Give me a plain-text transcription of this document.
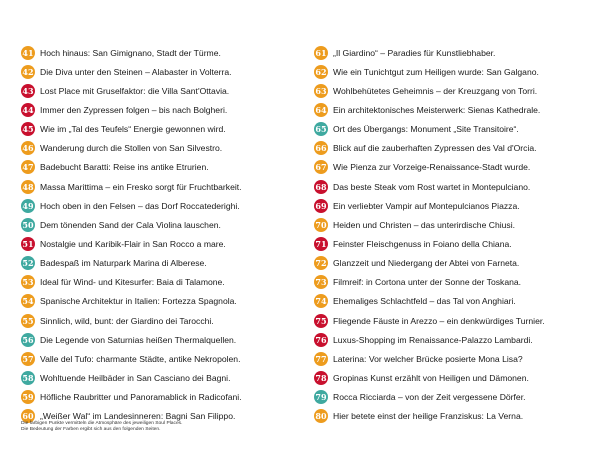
41 Hoch hinaus: San Gimignano, Stadt der Türme.
42 Die Diva unter den Steinen – Alabaster in Volterra.
43 Lost Place mit Gruselfaktor: die Villa Sant'Ottavia.
44 Immer den Zypressen folgen – bis nach Bolgheri.
45 Wie im „Tal des Teufels“ Energie gewonnen wird.
46 Wanderung durch die Stollen von San Silvestro.
47 Badebucht Baratti: Reise ins antike Etrurien.
48 Massa Marittima – ein Fresko sorgt für Fruchtbarkeit.
49 Hoch oben in den Felsen – das Dorf Roccatederighi.
50 Dem tönenden Sand der Cala Violina lauschen.
51 Nostalgie und Karibik-Flair in San Rocco a mare.
52 Badespaß im Naturpark Marina di Alberese.
53 Ideal für Wind- und Kitesurfer: Baia di Talamone.
54 Spanische Architektur in Italien: Fortezza Spagnola.
55 Sinnlich, wild, bunt: der Giardino dei Tarocchi.
56 Die Legende von Saturnias heißen Thermalquellen.
57 Valle del Tufo: charmante Städte, antike Nekropolen.
58 Wohltuende Heilbäder in San Casciano dei Bagni.
59 Höfliche Raubritter und Panoramablick in Radicofani.
60 „Weißer Wal“ im Landesinneren: Bagni San Filippo.
61 „Il Giardino“ – Paradies für Kunstliebhaber.
62 Wie ein Tunichtgut zum Heiligen wurde: San Galgano.
63 Wohlbehütetes Geheimnis – der Kreuzgang von Torri.
64 Ein architektonisches Meisterwerk: Sienas Kathedrale.
65 Ort des Übergangs: Monument „Site Transitoire“.
66 Blick auf die zauberhaften Zypressen des Val d'Orcia.
67 Wie Pienza zur Vorzeige-Renaissance-Stadt wurde.
68 Das beste Steak vom Rost wartet in Montepulciano.
69 Ein verliebter Vampir auf Montepulcianos Piazza.
70 Heiden und Christen – das unterirdische Chiusi.
71 Feinster Fleischgenuss in Foiano della Chiana.
72 Glanzzeit und Niedergang der Abtei von Farneta.
73 Filmreif: in Cortona unter der Sonne der Toskana.
74 Ehemaliges Schlachtfeld – das Tal von Anghiari.
75 Fliegende Fäuste in Arezzo – ein denkwürdiges Turnier.
76 Luxus-Shopping im Renaissance-Palazzo Lambardi.
77 Laterina: Vor welcher Brücke posierte Mona Lisa?
78 Gropinas Kunst erzählt von Heiligen und Dämonen.
79 Rocca Ricciarda – von der Zeit vergessene Dörfer.
80 Hier betete einst der heilige Franziskus: La Verna.

Die farbigen Punkte vermitteln die Atmosphäre des jeweiligen Soul Places.

Die Bedeutung der Farben ergibt sich aus den folgenden Seiten.
